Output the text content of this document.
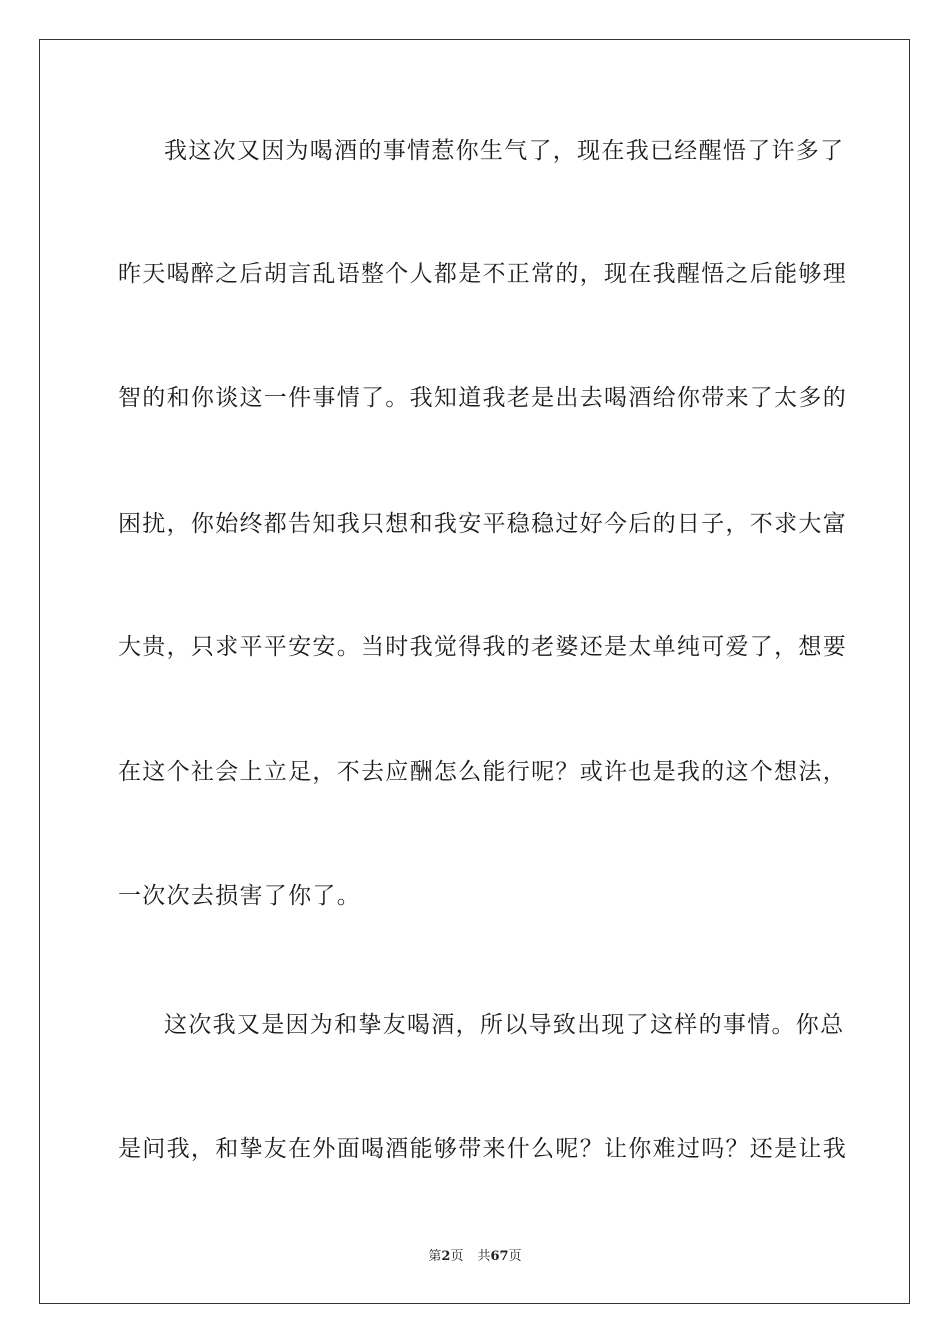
我这次又因为喝酒的事情惹你生气了，现在我已经醒悟了许多了
昨天喝醉之后胡言乱语整个人都是不正常的，现在我醒悟之后能够理
智的和你谈这一件事情了。我知道我老是出去喝酒给你带来了太多的
困扰，你始终都告知我只想和我安平稳稳过好今后的日子，不求大富
大贵，只求平平安安。当时我觉得我的老婆还是太单纯可爱了，想要
在这个社会上立足，不去应酬怎么能行呢？或许也是我的这个想法，
一次次去损害了你了。
这次我又是因为和挚友喝酒，所以导致出现了这样的事情。你总
是问我，和挚友在外面喝酒能够带来什么呢？让你难过吗？还是让我
第2页 共67页
